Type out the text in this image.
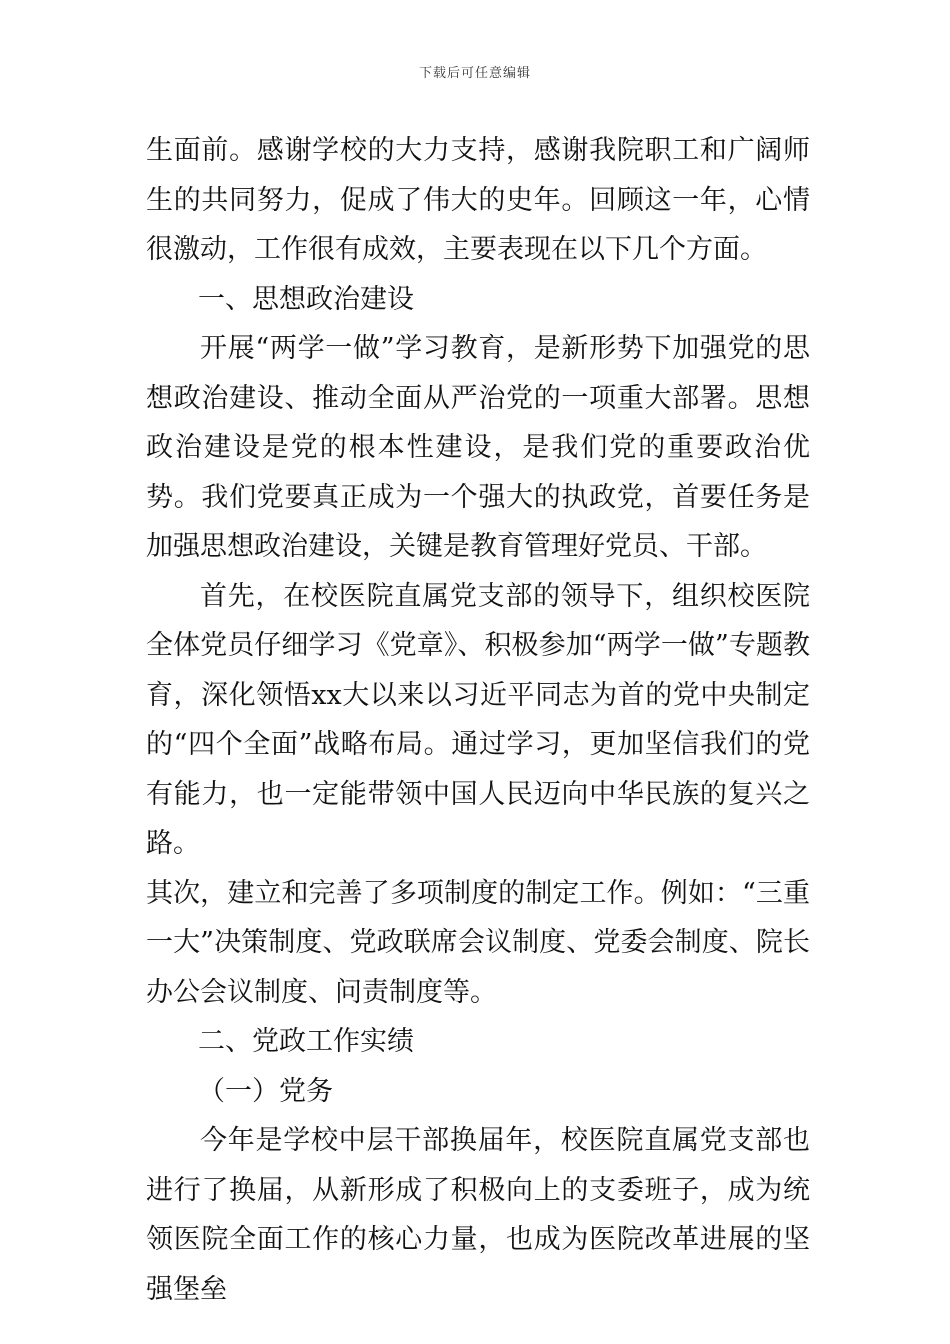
下载后可任意编辑

生面前。感谢学校的大力支持，感谢我院职工和广阔师生的共同努力，促成了伟大的史年。回顾这一年，心情很激动，工作很有成效，主要表现在以下几个方面。

一、思想政治建设

开展“两学一做”学习教育，是新形势下加强党的思想政治建设、推动全面从严治党的一项重大部署。思想政治建设是党的根本性建设，是我们党的重要政治优势。我们党要真正成为一个强大的执政党，首要任务是加强思想政治建设，关键是教育管理好党员、干部。

首先，在校医院直属党支部的领导下，组织校医院全体党员仔细学习《党章》、积极参加“两学一做”专题教育，深化领悟xx大以来以习近平同志为首的党中央制定的“四个全面”战略布局。通过学习，更加坚信我们的党有能力，也一定能带领中国人民迈向中华民族的复兴之路。

其次，建立和完善了多项制度的制定工作。例如：“三重一大”决策制度、党政联席会议制度、党委会制度、院长办公会议制度、问责制度等。

二、党政工作实绩

（一）党务

今年是学校中层干部换届年，校医院直属党支部也进行了换届，从新形成了积极向上的支委班子，成为统领医院全面工作的核心力量，也成为医院改革进展的坚强堡垒
